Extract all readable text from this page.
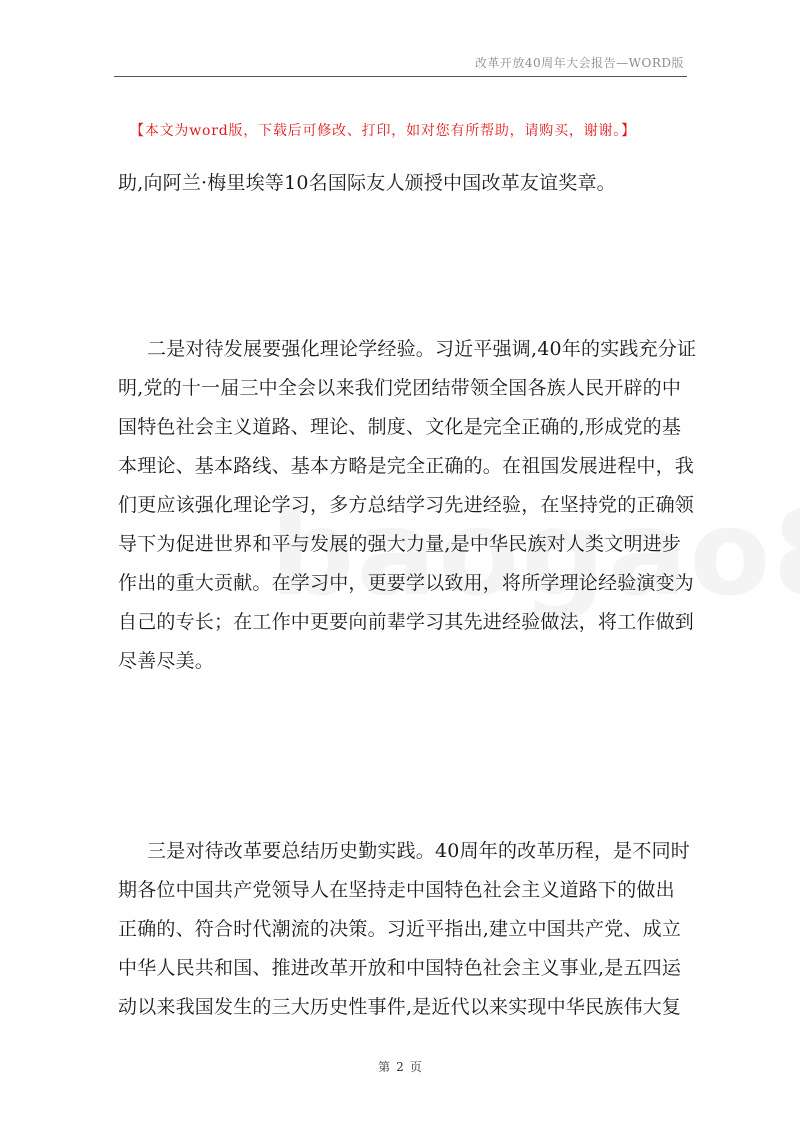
改革开放40周年大会报告—WORD版
【本文为word版，下载后可修改、打印，如对您有所帮助，请购买，谢谢。】
助,向阿兰·梅里埃等10名国际友人颁授中国改革友谊奖章。
二是对待发展要强化理论学经验。习近平强调,40年的实践充分证
明,党的十一届三中全会以来我们党团结带领全国各族人民开辟的中
国特色社会主义道路、理论、制度、文化是完全正确的,形成党的基
本理论、基本路线、基本方略是完全正确的。在祖国发展进程中，我
们更应该强化理论学习，多方总结学习先进经验，在坚持党的正确领
导下为促进世界和平与发展的强大力量,是中华民族对人类文明进步
作出的重大贡献。在学习中，更要学以致用，将所学理论经验演变为
自己的专长；在工作中更要向前辈学习其先进经验做法，将工作做到
尽善尽美。
三是对待改革要总结历史勤实践。40周年的改革历程，是不同时
期各位中国共产党领导人在坚持走中国特色社会主义道路下的做出
正确的、符合时代潮流的决策。习近平指出,建立中国共产党、成立
中华人民共和国、推进改革开放和中国特色社会主义事业,是五四运
动以来我国发生的三大历史性事件,是近代以来实现中华民族伟大复
第 2 页
